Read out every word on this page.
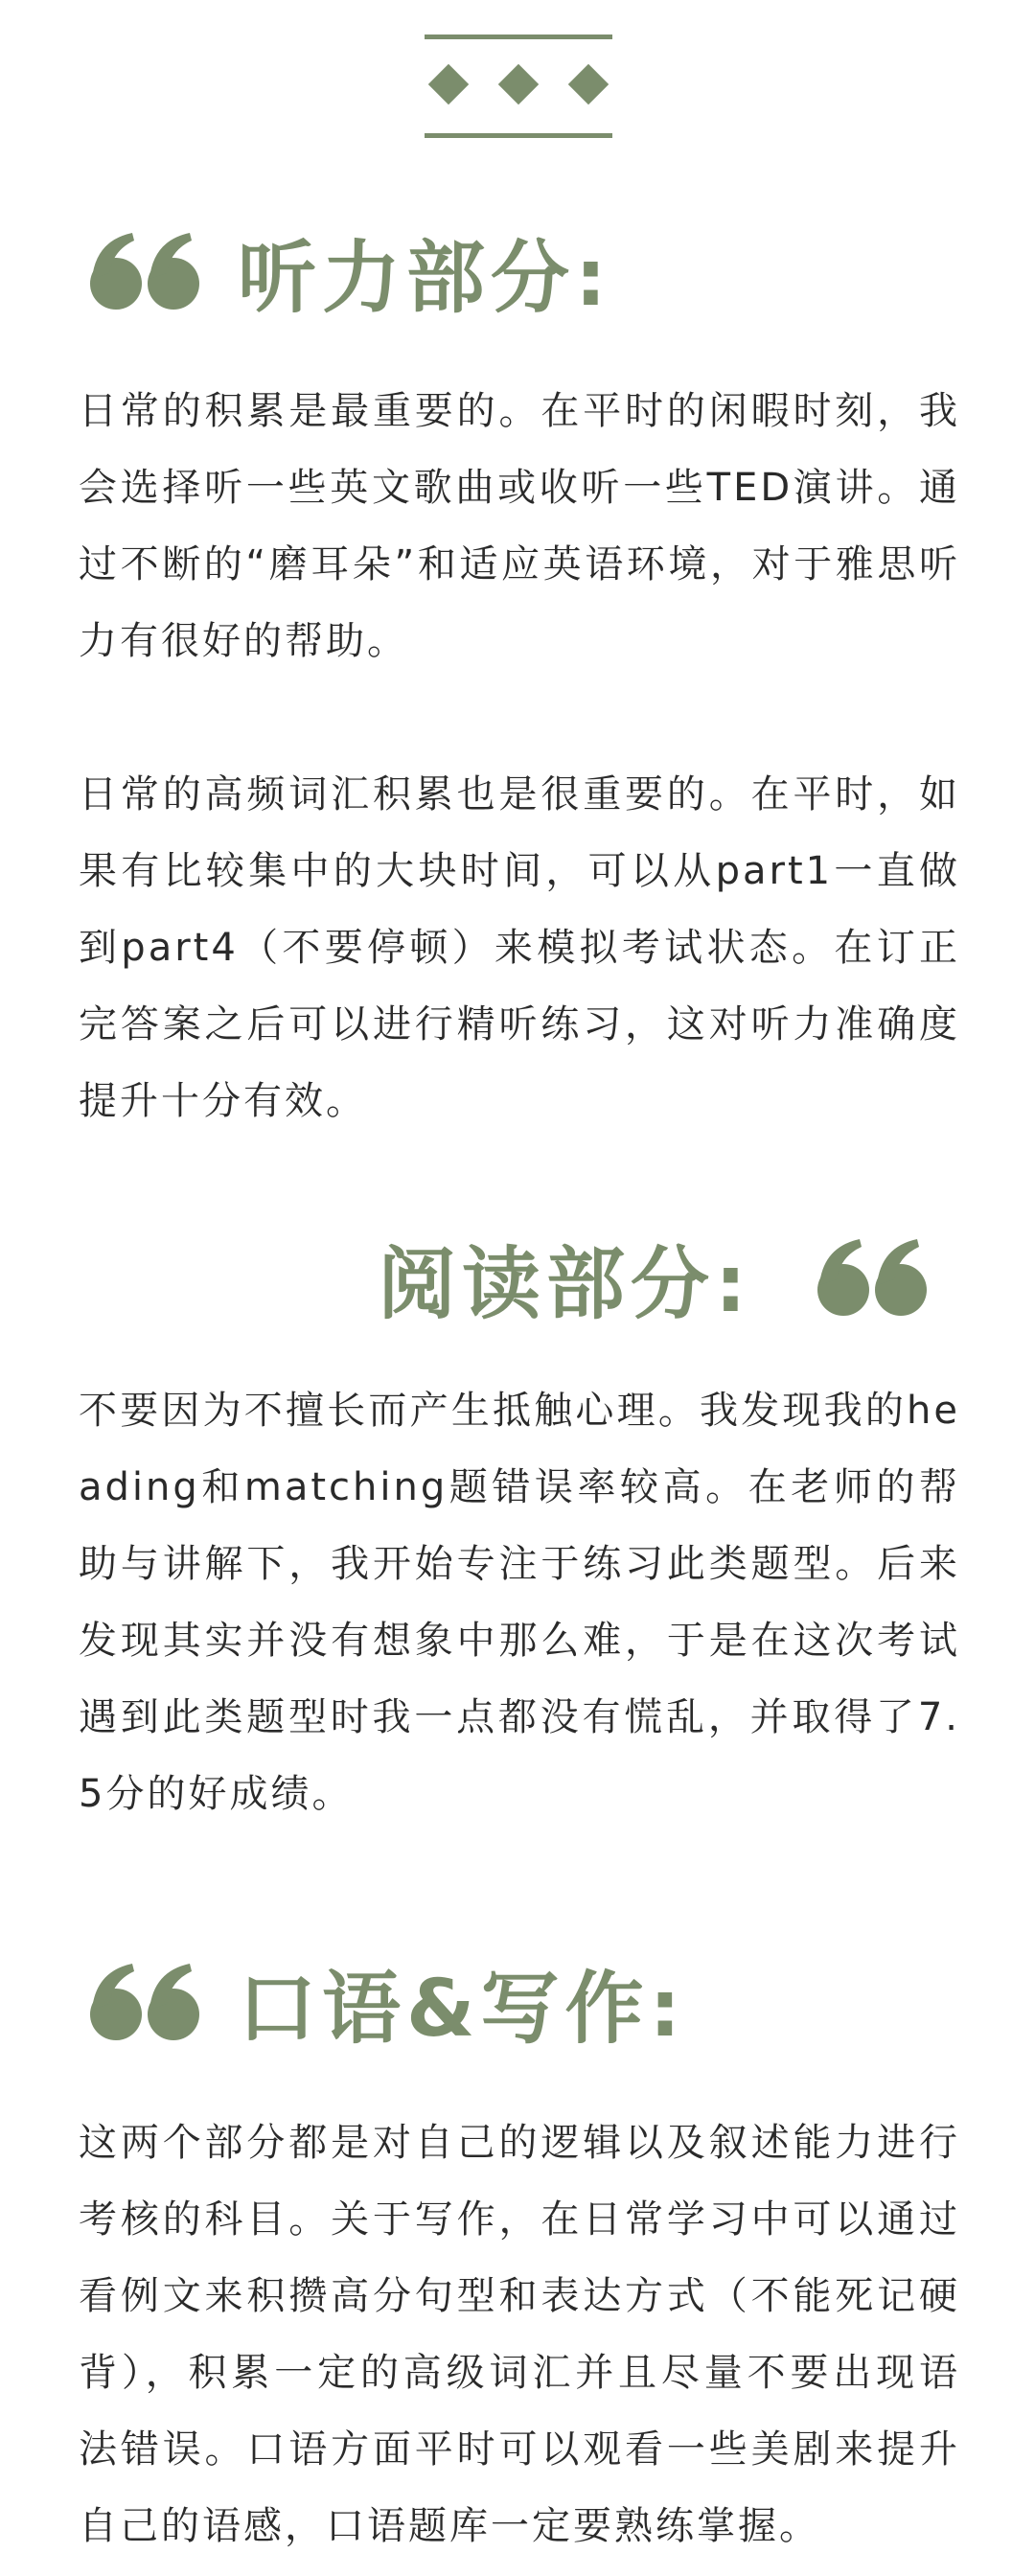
听力部分:

日常的积累是最重要的。在平时的闲暇时刻，我会选择听一些英文歌曲或收听一些TED演讲。通过不断的“磨耳朵”和适应英语环境，对于雅思听力有很好的帮助。

日常的高频词汇积累也是很重要的。在平时，如果有比较集中的大块时间，可以从part1一直做到part4（不要停顿）来模拟考试状态。在订正完答案之后可以进行精听练习，这对听力准确度提升十分有效。

阅读部分:

不要因为不擅长而产生抵触心理。我发现我的heading和matching题错误率较高。在老师的帮助与讲解下，我开始专注于练习此类题型。后来发现其实并没有想象中那么难，于是在这次考试遇到此类题型时我一点都没有慌乱，并取得了7.5分的好成绩。

口语&写作:

这两个部分都是对自己的逻辑以及叙述能力进行考核的科目。关于写作，在日常学习中可以通过看例文来积攒高分句型和表达方式（不能死记硬背），积累一定的高级词汇并且尽量不要出现语法错误。口语方面平时可以观看一些美剧来提升自己的语感，口语题库一定要熟练掌握。
